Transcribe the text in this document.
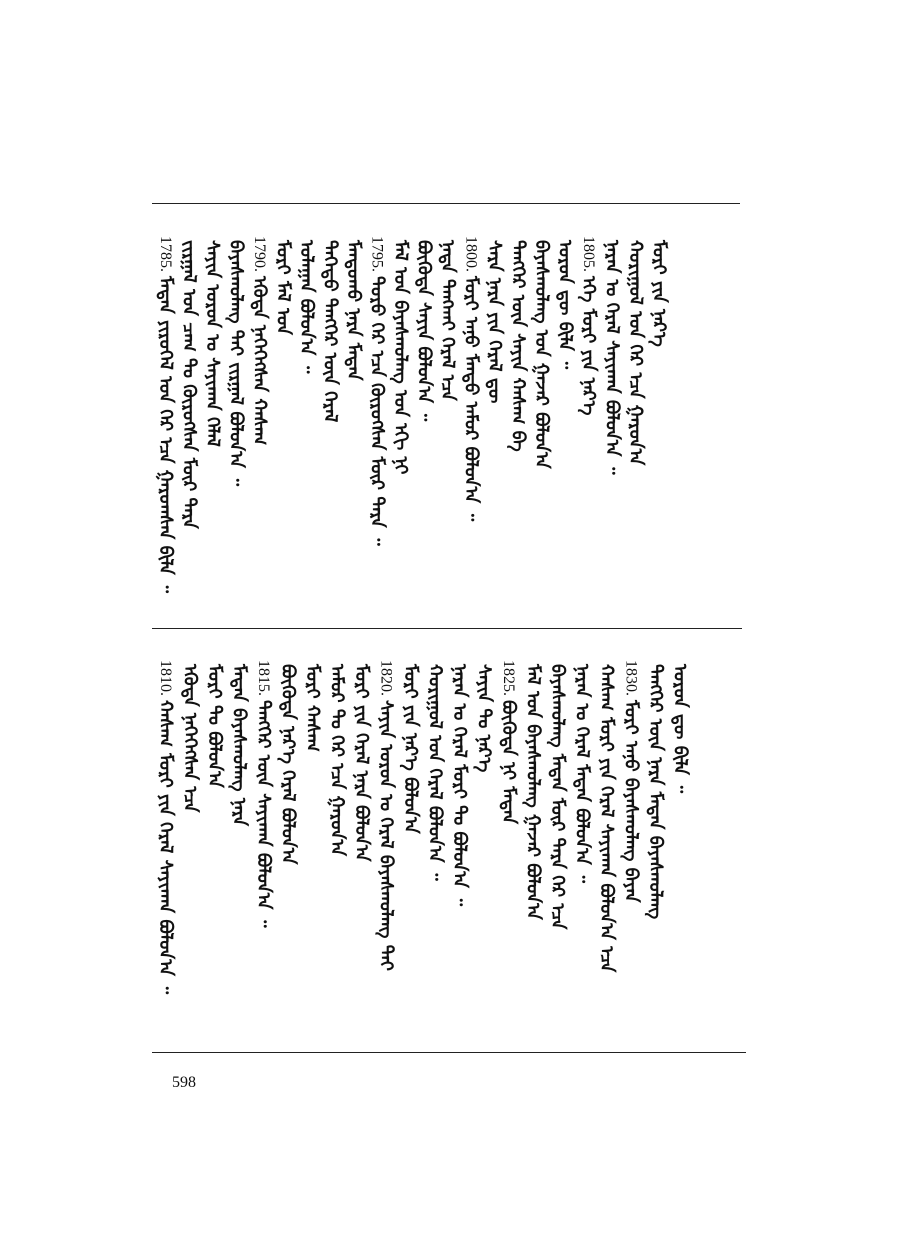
1785.ᠮᠡᠳᠡᠨ ᠶᠢᠷᠦᠭᠡᠯ ᠤᠨ ᠭᠡᠷ ᠡᠴᠡ ᠭᠠᠷᠤᠭᠰᠠᠨ ᠪᠢᠯᠡ ᠃ ᠵᠢᠷᠭᠠᠯ ᠤᠨ ᠴᠠᠭ ᠲᠤ ᠬᠦᠷᠦᠭᠰᠡᠨ ᠮᠦᠷ ᠲᠡᠷᠡ ᠰᠠᠶᠢᠨ ᠣᠷᠣᠨ ᠤ ᠰᠠᠶᠢᠬᠠᠨ ᠬᠡᠯᠡᠯ ᠪᠠᠶᠠᠰᠬᠤᠯᠠᠩ ᠲᠠᠶ ᠵᠢᠷᠭᠠᠯ ᠪᠣᠯᠤᠨ᠎ᠠ ᠃ 1790.ᠡᠭᠦᠳᠡ ᠨᠡᠭᠡᠭᠡᠭᠰᠡᠨ ᠬᠠᠰᠠᠭ ᠮᠣᠷᠢ ᠮᠠᠯ ᠤᠨ ᠤᠯᠠᠭᠠᠨ ᠪᠣᠯᠤᠨ᠎ᠠ ᠃ ᠳᠡᠭᠡᠳᠦ ᠲᠡᠩᠭᠡᠷ ᠦᠨ ᠭᠡᠷᠡᠯ ᠮᠠᠨᠳᠤᠬᠤ ᠨᠠᠷᠠ ᠮᠡᠳᠡᠨ 1795.ᠲᠣᠷᠣ ᠭᠡᠷ ᠡᠴᠡ ᠬᠦᠷᠦᠭᠰᠡᠨ ᠮᠦᠷ ᠲᠡᠷᠡ ᠃ ᠮᠠᠯ ᠤᠨ ᠪᠠᠶᠠᠰᠬᠤᠯᠠᠩ ᠤᠨ ᠡᠬᠢ ᠨᠢ ᠪᠦᠭᠦᠳᠡ ᠰᠠᠶᠢᠨ ᠪᠣᠯᠤᠨ᠎ᠠ ᠃ ᠨᠠᠳᠠ ᠲᠠᠩᠬᠠᠢ ᠭᠡᠷᠡᠯ ᠡᠴᠡ 1800.ᠮᠣᠷᠢ ᠠᠨᠤ ᠮᠡᠨᠳᠦ ᠠᠮᠤᠷ ᠪᠣᠯᠤᠨ᠎ᠠ ᠃ ᠰᠠᠷᠠ ᠨᠠᠷᠠ ᠶᠢᠨ ᠭᠡᠷᠡᠯ ᠳᠦ ᠲᠡᠩᠭᠡᠷ ᠦᠨ ᠰᠠᠶᠢᠨ ᠬᠠᠰᠠᠭ ᠪᠠ ᠪᠠᠶᠠᠰᠬᠤᠯᠠᠩ ᠤᠨ ᠭᠠᠵᠠᠷ ᠪᠣᠯᠤᠨ᠎ᠠ ᠣᠷᠣᠨ ᠳᠦ ᠪᠢᠯᠡ ᠃ 1805.ᠡᠬᠡ ᠮᠣᠷᠢ ᠶᠢᠨ ᠨᠡᠷ᠎ᠡ ᠨᠠᠷᠠᠨ ᠤ ᠭᠡᠷᠡᠯ ᠰᠠᠶᠢᠬᠠᠨ ᠪᠣᠯᠤᠨ᠎ᠠ ᠃ ᠬᠣᠷᠢᠭᠤᠯ ᠤᠨ ᠭᠡᠷ ᠡᠴᠡ ᠭᠠᠷᠤᠨ᠎ᠠ ᠮᠣᠷᠢ ᠶᠢᠨ ᠨᠡᠷ᠎ᠡ
1810.ᠬᠠᠰᠠᠭ ᠮᠣᠷᠢ ᠶᠢᠨ ᠭᠡᠷᠡᠯ ᠰᠠᠶᠢᠬᠠᠨ ᠪᠣᠯᠤᠨ᠎ᠠ ᠃ ᠡᠭᠦᠳᠡ ᠨᠡᠭᠡᠭᠡᠭᠰᠡᠨ ᠡᠴᠡ ᠮᠣᠷᠢ ᠲᠤ ᠪᠣᠯᠤᠨ᠎ᠠ ᠮᠡᠳᠡᠨ ᠪᠠᠶᠠᠰᠬᠤᠯᠠᠩ ᠨᠠᠷᠠ 1815.ᠲᠡᠩᠭᠡᠷ ᠦᠨ ᠰᠠᠶᠢᠬᠠᠨ ᠪᠣᠯᠤᠨ᠎ᠠ ᠃ ᠪᠦᠭᠦᠳᠡ ᠨᠡᠷ᠎ᠡ ᠭᠡᠷᠡᠯ ᠪᠣᠯᠤᠨ᠎ᠠ ᠮᠣᠷᠢ ᠬᠠᠰᠠᠭ ᠠᠮᠤᠷ ᠲᠤ ᠭᠡᠷ ᠡᠴᠡ ᠭᠠᠷᠤᠨ᠎ᠠ ᠮᠣᠷᠢ ᠶᠢᠨ ᠭᠡᠷᠡᠯ ᠨᠠᠷᠠ ᠪᠣᠯᠤᠨ᠎ᠠ 1820.ᠰᠠᠶᠢᠨ ᠣᠷᠣᠨ ᠤ ᠭᠡᠷᠡᠯ ᠪᠠᠶᠠᠰᠬᠤᠯᠠᠩ ᠲᠠᠶ ᠮᠣᠷᠢ ᠶᠢᠨ ᠨᠡᠷ᠎ᠡ ᠪᠣᠯᠤᠨ᠎ᠠ ᠬᠣᠷᠢᠭᠤᠯ ᠤᠨ ᠭᠡᠷᠡᠯ ᠪᠣᠯᠤᠨ᠎ᠠ ᠃ ᠨᠠᠷᠠᠨ ᠤ ᠭᠡᠷᠡᠯ ᠮᠣᠷᠢ ᠲᠤ ᠪᠣᠯᠤᠨ᠎ᠠ ᠃ ᠰᠠᠶᠢᠨ ᠲᠤ ᠨᠡᠷ᠎ᠡ 1825.ᠪᠦᠭᠦᠳᠡ ᠨᠢ ᠮᠡᠳᠡᠨ ᠮᠠᠯ ᠤᠨ ᠪᠠᠶᠠᠰᠬᠤᠯᠠᠩ ᠭᠠᠵᠠᠷ ᠪᠣᠯᠤᠨ᠎ᠠ ᠪᠠᠶᠠᠰᠬᠤᠯᠠᠩ ᠮᠡᠳᠡᠨ ᠮᠦᠷ ᠲᠡᠷᠡ ᠭᠡᠷ ᠡᠴᠡ ᠨᠠᠷᠠᠨ ᠤ ᠭᠡᠷᠡᠯ ᠮᠡᠳᠡᠨ ᠪᠣᠯᠤᠨ᠎ᠠ ᠃ ᠬᠠᠰᠠᠭ ᠮᠣᠷᠢ ᠶᠢᠨ ᠭᠡᠷᠡᠯ ᠰᠠᠶᠢᠬᠠᠨ ᠪᠣᠯᠤᠨ᠎ᠠ ᠡᠴᠡ 1830.ᠮᠣᠷᠢ ᠠᠨᠤ ᠪᠠᠶᠠᠰᠬᠤᠯᠠᠩ ᠪᠠᠶᠠᠨ ᠲᠡᠩᠭᠡᠷ ᠦᠨ ᠨᠠᠷᠠ ᠮᠡᠳᠡᠨ ᠪᠠᠶᠠᠰᠬᠤᠯᠠᠩ ᠣᠷᠣᠨ ᠳᠦ ᠪᠢᠯᠡ ᠃
598
